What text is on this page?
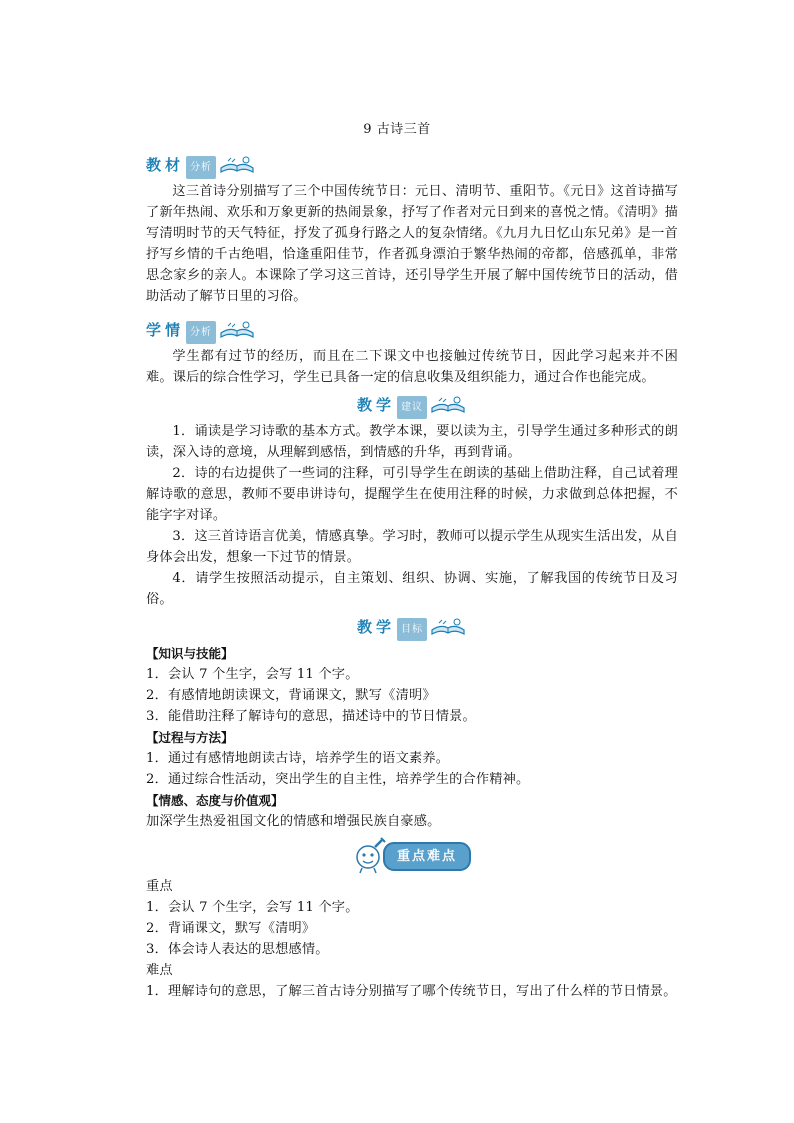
9 古诗三首
教材 分析

这三首诗分别描写了三个中国传统节日：元日、清明节、重阳节。《元日》这首诗描写了新年热闹、欢乐和万象更新的热闹景象，抒写了作者对元日到来的喜悦之情。《清明》描写清明时节的天气特征，抒发了孤身行路之人的复杂情绪。《九月九日忆山东兄弟》是一首抒写乡情的千古绝唱，恰逢重阳佳节，作者孤身漂泊于繁华热闹的帝都，倍感孤单，非常思念家乡的亲人。本课除了学习这三首诗，还引导学生开展了解中国传统节日的活动，借助活动了解节日里的习俗。

学情 分析

学生都有过节的经历，而且在二下课文中也接触过传统节日，因此学习起来并不困难。课后的综合性学习，学生已具备一定的信息收集及组织能力，通过合作也能完成。

教学 建议

1．诵读是学习诗歌的基本方式。教学本课，要以读为主，引导学生通过多种形式的朗读，深入诗的意境，从理解到感悟，到情感的升华，再到背诵。

2．诗的右边提供了一些词的注释，可引导学生在朗读的基础上借助注释，自己试着理解诗歌的意思，教师不要串讲诗句，提醒学生在使用注释的时候，力求做到总体把握，不能字字对译。

3．这三首诗语言优美，情感真挚。学习时，教师可以提示学生从现实生活出发，从自身体会出发，想象一下过节的情景。

4．请学生按照活动提示，自主策划、组织、协调、实施，了解我国的传统节日及习俗。

教学 目标

【知识与技能】

1．会认 7 个生字，会写 11 个字。

2．有感情地朗读课文，背诵课文，默写《清明》

3．能借助注释了解诗句的意思，描述诗中的节日情景。

【过程与方法】

1．通过有感情地朗读古诗，培养学生的语文素养。

2．通过综合性活动，突出学生的自主性，培养学生的合作精神。

【情感、态度与价值观】

加深学生热爱祖国文化的情感和增强民族自豪感。

重点难点

重点

1．会认 7 个生字，会写 11 个字。

2．背诵课文，默写《清明》

3．体会诗人表达的思想感情。

难点

1．理解诗句的意思，了解三首古诗分别描写了哪个传统节日，写出了什么样的节日情景。
